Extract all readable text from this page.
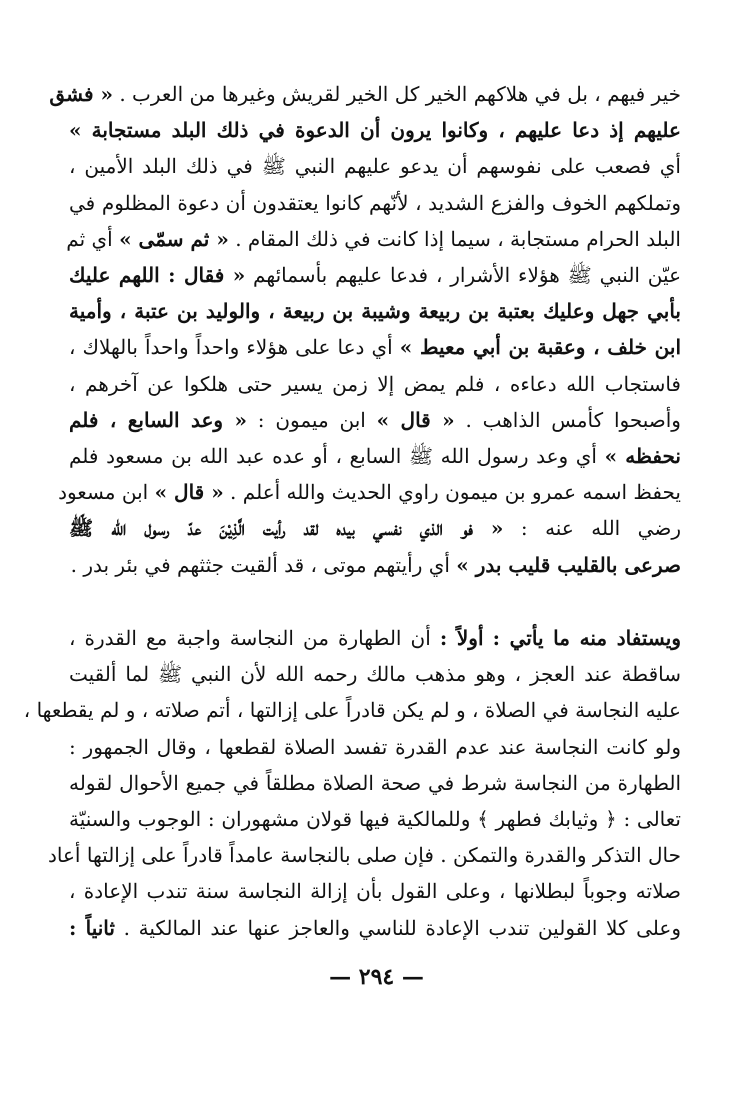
خير فيهم ، بل في هلاكهم الخير كل الخير لقريش وغيرها من العرب . « فشق
عليهم إذ دعا عليهم ، وكانوا يرون أن الدعوة في ذلك البلد مستجابة »
أي فصعب على نفوسهم أن يدعو عليهم النبي ﷺ في ذلك البلد الأمين ،
وتملكهم الخوف والفزع الشديد ، لأنّهم كانوا يعتقدون أن دعوة المظلوم في
البلد الحرام مستجابة ، سيما إذا كانت في ذلك المقام . « ثم سمّى » أي ثم
عيّن النبي ﷺ هؤلاء الأشرار ، فدعا عليهم بأسمائهم « فقال : اللهم عليك
بأبي جهل وعليك بعتبة بن ربيعة وشيبة بن ربيعة ، والوليد بن عتبة ، وأمية
ابن خلف ، وعقبة بن أبي معيط » أي دعا على هؤلاء واحداً واحداً بالهلاك ،
فاستجاب الله دعاءه ، فلم يمض إلا زمن يسير حتى هلكوا عن آخرهم ،
وأصبحوا كأمس الذاهب . « قال » ابن ميمون : « وعد السابع ، فلم
نحفظه » أي وعد رسول الله ﷺ السابع ، أو عده عبد الله بن مسعود فلم
يحفظ اسمه عمرو بن ميمون راوي الحديث والله أعلم . « قال » ابن مسعود
رضي الله عنه : « فو الذي نفسي بيده لقد رأيت الَّذِيْنَ عدّ رسول الله ﷺ
صرعى بالقليب قليب بدر » أي رأيتهم موتى ، قد ألقيت جثثهم في بئر بدر .
ويستفاد منه ما يأتي : أولاً : أن الطهارة من النجاسة واجبة مع القدرة ،
ساقطة عند العجز ، وهو مذهب مالك رحمه الله لأن النبي ﷺ لما ألقيت
عليه النجاسة في الصلاة ، و لم يكن قادراً على إزالتها ، أتم صلاته ، و لم يقطعها ،
ولو كانت النجاسة عند عدم القدرة تفسد الصلاة لقطعها ، وقال الجمهور :
الطهارة من النجاسة شرط في صحة الصلاة مطلقاً في جميع الأحوال لقوله
تعالى : ﴿ وثيابك فطهر ﴾ وللمالكية فيها قولان مشهوران : الوجوب والسنيّة
حال التذكر والقدرة والتمكن . فإن صلى بالنجاسة عامداً قادراً على إزالتها أعاد
صلاته وجوباً لبطلانها ، وعلى القول بأن إزالة النجاسة سنة تندب الإعادة ،
وعلى كلا القولين تندب الإعادة للناسي والعاجز عنها عند المالكية . ثانياً :
— ٢٩٤ —
